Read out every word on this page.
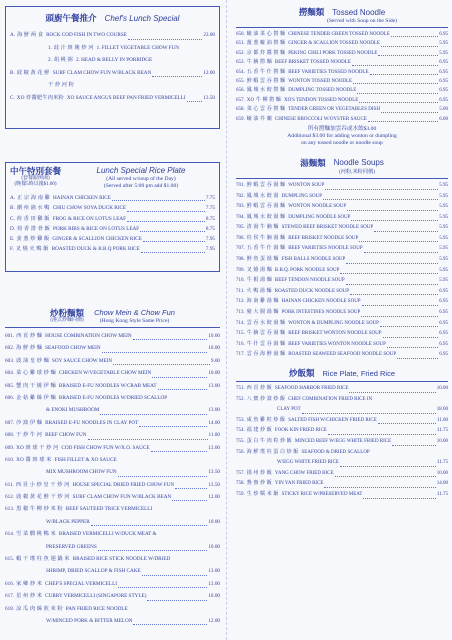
頭廚午餐推介 Chef's Lunch Special
A. 海 鮮 两 食 ROCK COD FISH IN TWO COURSE	23.00
1. 豉 汁 斑 塊 炒 河 1. FILLET VEGETABLE CHOW FUN
2. 胡 桃 粥 2. HEAD & BELLY IN PORRIDGE
B. 豉 椒 黃 花 鮮 SURF CLAM CHOW FUN W/BLACK BEAN	12.00
干 炒 河 粉
C. XO 炸醬肥牛肉米粉 XO SAUCE ANGUS BEEF PAN FRIED VERMICELLI	13.50
中午特別套餐
(套餐跟例湯)
(晚餐5時以後$1.00)
Lunch Special Rice Plate
(All served w/soup of the Day)
(Served after 5:00 pm add $1.00)
A. 正 宗 海 南 雞 HAINAN CHICKEN RICE	7.75
B. 潮 州 滷 水 鴨 CHIU CHOW SOYA DUCK RICE	7.75
C. 荷 香 田 雞 飯 FROG & RICE ON LOTUS LEAF	8.75
D. 荷 香 排 骨 飯 PORK RIBS & RICE ON LOTUS LEAF	8.75
E. 姜 葱 炒 雞 飯 GINGER & SCALLION CHICKEN RICE	7.95
F. 叉 燒 火 鴨 飯 ROASTED DUCK & B.B.Q PORK RICE	7.95
炒粉麵類
(港式炒麵同價)
Chow Mein & Chow Fun
(Hong Kong Style Same Price)
601. 西 貢 炒 麵 HOUSE COMBINATION CHOW MEIN	10.00
602. 海 鮮 炒 麵 SEAFOOD CHOW MEIN	10.00
603. 豉 油 皇 炒 麵 SOY SAUCE CHOW MEIN	9.00
604. 菜 心 雞 球 炒 麵 CHICKEN W/VEGETABLE CHOW MEIN	10.00
605. 蟹 肉 干 燒 伊 麵 BRAISED E-FU NOODLES W/CRAB MEAT	13.00
606. 金 菇 雞 絲 伊 麵 BRAISED E-FU NOODLES W/DRIED SCALLOP
& ENOKI MUSHROOM	13.00
607. 沙 窩 伊 麵 BRAISED E-FU NOODLES IN CLAY POT	14.00
608. 干 炒 牛 河 BEEF CHOW FUN	11.00
609. XO 斑 球 干 炒 河 COD FISH CHOW FUN W/X.O. SAUCE	13.00
610. XO 醬 斑 球 米 FISH FILLET & XO SAUCE
MIX MUSHROOM CHOW FUN	13.50
611. 西 貢 小 炒 皇 干 炒 河 HOUSE SPECIAL DRIED FRIED CHOW FUN	13.50
612. 豉 椒 黃 花 鮮 干 炒 河 SURF CLAM CHOW FUN W/BLACK BEAN	12.00
613. 黑 椒 牛 柳 炒 米 粉 BEEF SAUTEED TRICE VERMICELLI
W/BLACK PEPPER	10.00
614. 雪 菜 燜 桃 鴨 米 BRAISED VERMICELLI W/DUCK MEAT &
PRESERVED GREENS	10.00
615. 蝦 干 瑤 柱 魚 翅 鍋 米 BRAISED RICE STICK NOODLE W/DRIED
SHRIMP, DRIED SCALLOP & FISH CAKE	13.00
616. 家 鄉 炒 米 CHEF'S SPECIAL VERMICELLI	13.00
617. 星 州 炒 米 CURRY VERMICELLI (SINGAPORE STYLE)	10.00
618. 涼 瓜 肉 絲 煎 米 粉 PAN FRIED RICE NOODLE
W/MINCED PORK & BITTER MELON	12.00
撈麵類 Tossed Noodle
(Served with Soup on the Side)
650. 蠔 油 菜 心 撈 麵 CHINESE TENDER GREEN TOSSED NOODLE	6.95
651. 薑 葱 蠔 油 撈 麵 GINGER & SCALLION TOSSED NOODLE	5.95
652. 京 都 炸 醬 撈 麵 PEKING CHILI PORK TOSSED NOODLE	5.95
653. 牛 腩 撈 麵 BEEF BRISKET TOSSED NOODLE	6.95
654. 五 香 牛 什 撈 麵 BEEF VARIETIES TOSSED NOODLE	6.95
655. 鮮 蝦 雲 吞 撈 麵 WONTON TOSSED NOODLE	6.95
656. 鳳 城 水 餃 撈 麵 DUMPLING TOSSED NOODLE	6.95
657. XO 牛 柳 撈 麵 XO'S TENDON TOSSED NOODLE	6.95
658. 菜 心 雲 吞 撈 麵 TENDER GREEN OR VEGETABLES DISH	5.00
659. 蠔 油 芥 蘭 CHINESE BROCCOLI W/OYSTER SAUCE	6.00
所有撈麵加雲吞或水餃$3.00
Additional $3.00 for adding wonton or dumpling
on any tossed noodle or noodle soup
湯麵類 Noodle Soups
(河粉,米粉同價)
701. 鮮 蝦 雲 吞 湯 麵 WONTON SOUP	5.95
702. 鳳 城 水 餃 湯 DUMPLING SOUP	5.95
703. 鮮 蝦 雲 吞 湯 麵 WONTON NOODLE SOUP	5.95
704. 鳳 城 水 餃 湯 麵 DUMPLING NOODLE SOUP	5.95
705. 清 湯 牛 腩 麵 STEWED BEEF BRISKET NOODLE SOUP	5.95
706. 柱 侯 牛 腩 湯 麵 BEEF BRISKET NOODLE SOUP	5.95
707. 五 香 牛 什 湯 麵 BEEF VARIETIES NOODLE SOUP	5.95
708. 鮮 魚 蛋 湯 麵 FISH BALLS NOODLE SOUP	5.95
709. 叉 燒 湯 麵 B.B.Q. PORK NOODLE SOUP	5.95
710. 牛 根 湯 麵 BEEF TENDON NOODLE SOUP	5.95
711. 火 鴨 湯 麵 ROASTED DUCK NOODLE SOUP	6.95
712. 海 南 雞 湯 麵 HAINAN CHICKEN NOODLE SOUP	6.95
713. 豬 大 腸 湯 麵 PORK INTESTINES NOODLE SOUP	6.95
714. 雲 吞 水 餃 湯 麵 WONTON & DUMPLING NOODLE SOUP	6.95
715. 牛 腩 雲 吞 湯 麵 BEEF BRISKET WONTON NOODLE SOUP	6.95
716. 牛 什 雲 吞 湯 麵 BEEF VARIETIES WONTON NOODLE SOUP	6.95
717. 雲 吞 海 鮮 湯 麵 ROASTED SEAWEED SEAFOOD NOODLE SOUP	6.95
炒飯類 Rice Plate, Fried Rice
751. 西 貢 炒 飯 SEAFOOD HARBOR FRIED RICE	10.00
752. 八 寶 炒 窩 炒 飯 CHEF COMBINATION FRIED RICE IN
CLAY POT	18.00
753. 咸 魚 雞 粒 炒 飯 SALTED FISH W/CHICKEN FRIED RICE	11.00
754. 福 建 炒 飯 FOOK KIN FRIED RICE	11.75
755. 蛋 白 牛 肉 粒 炒 飯 MINCED BEEF W/EGG WHITE FRIED RICE	10.00
756. 海 鮮 瑤 柱 蛋 白 炒 飯 SEAFOOD & DRIED SCALLOP
W/EGG WHITE FRIED RICE	11.75
757. 揚 州 炒 飯 YANG CHOW FRIED RICE	10.00
758. 鴛 鴦 炒 飯 YIN YAN FRIED RICE	14.00
759. 生 炒 糯 米 飯 STICKY RICE W/PRESERVED MEAT	11.75
